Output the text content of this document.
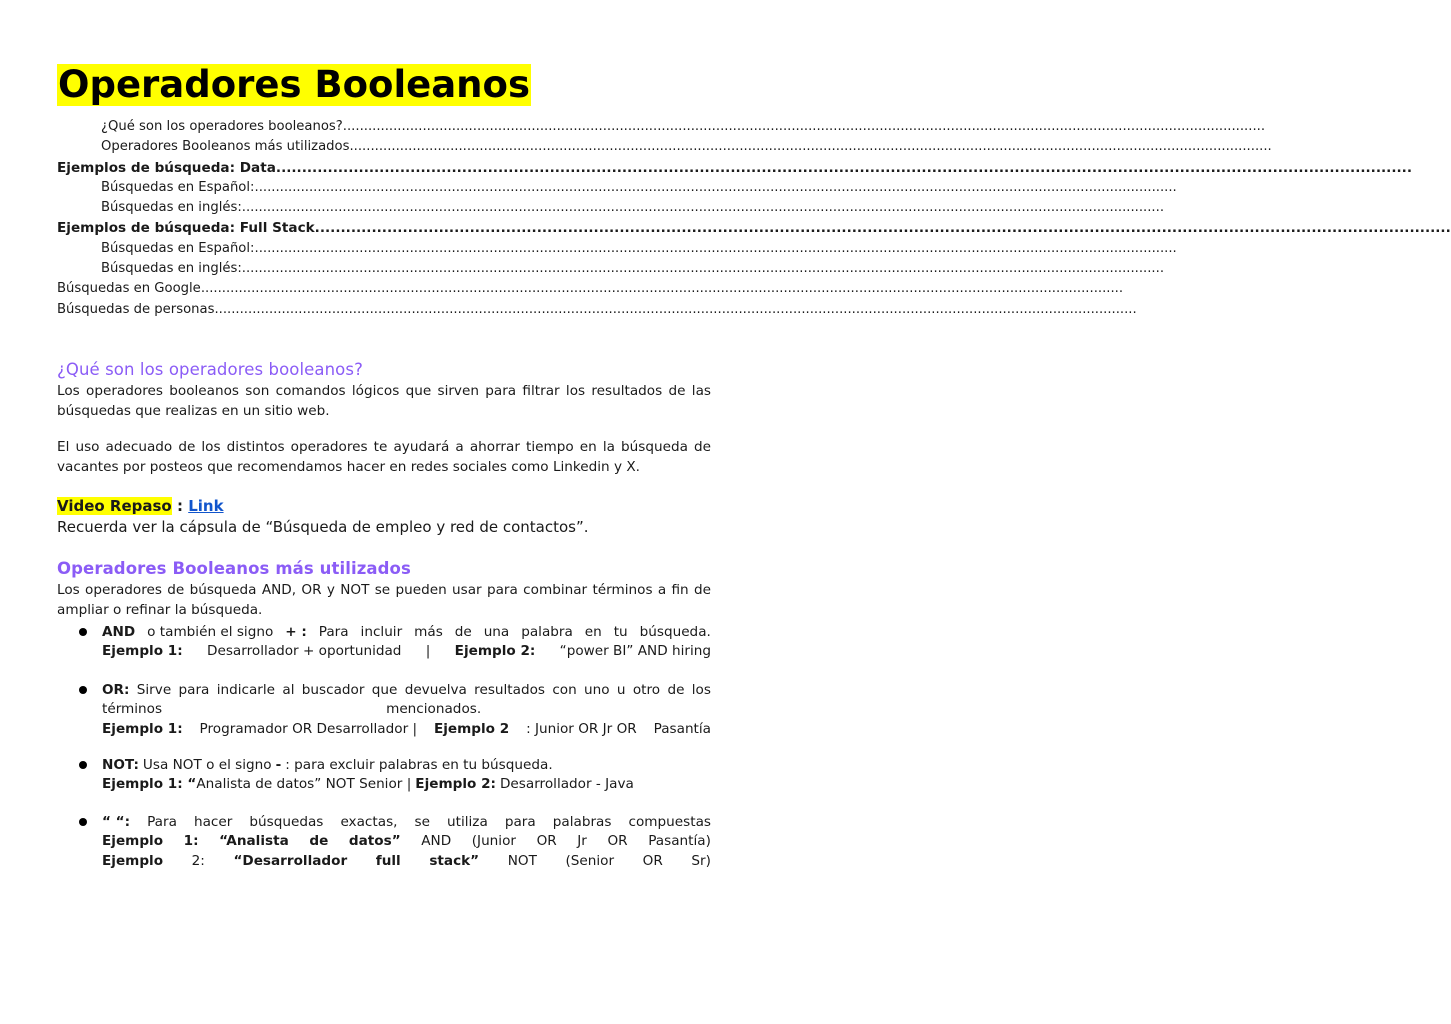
Operadores Booleanos
¿Qué son los operadores booleanos?............................................................................................................................................................................................................................
Operadores Booleanos más utilizados............................................................................................................................................................................................................................
Ejemplos de búsqueda: Data............................................................................................................................................................................................................................
Búsquedas en Español:............................................................................................................................................................................................................................
Búsquedas en inglés:............................................................................................................................................................................................................................
Ejemplos de búsqueda: Full Stack............................................................................................................................................................................................................................
Búsquedas en Español:............................................................................................................................................................................................................................
Búsquedas en inglés:............................................................................................................................................................................................................................
Búsquedas en Google............................................................................................................................................................................................................................
Búsquedas de personas............................................................................................................................................................................................................................
¿Qué son los operadores booleanos?

Los operadores booleanos son comandos lógicos que sirven para filtrar los resultados de las búsquedas que realizas en un sitio web.

El uso adecuado de los distintos operadores te ayudará a ahorrar tiempo en la búsqueda de vacantes por posteos que recomendamos hacer en redes sociales como Linkedin y X.

Video Repaso : Link

Recuerda ver la cápsula de “Búsqueda de empleo y red de contactos”.

Operadores Booleanos más utilizados

Los operadores de búsqueda AND, OR y NOT se pueden usar para combinar términos a fin de ampliar o refinar la búsqueda.

AND o también el signo + : Para incluir más de una palabra en tu búsqueda.
Ejemplo 1: Desarrollador + oportunidad | Ejemplo 2: “power BI” AND hiring
OR: Sirve para indicarle al buscador que devuelva resultados con uno u otro de los
términos	mencionados.
Ejemplo 1: Programador OR Desarrollador | Ejemplo 2 : Junior OR Jr OR Pasantía
NOT: Usa NOT o el signo - : para excluir palabras en tu búsqueda.
Ejemplo 1: “ Analista de datos” NOT Senior | Ejemplo 2: Desarrollador - Java
“ “: Para hacer búsquedas exactas, se utiliza para palabras compuestas
Ejemplo 1: “Analista de datos” AND (Junior OR Jr OR Pasantía)
Ejemplo 2: “Desarrollador full stack” NOT (Senior OR Sr)
